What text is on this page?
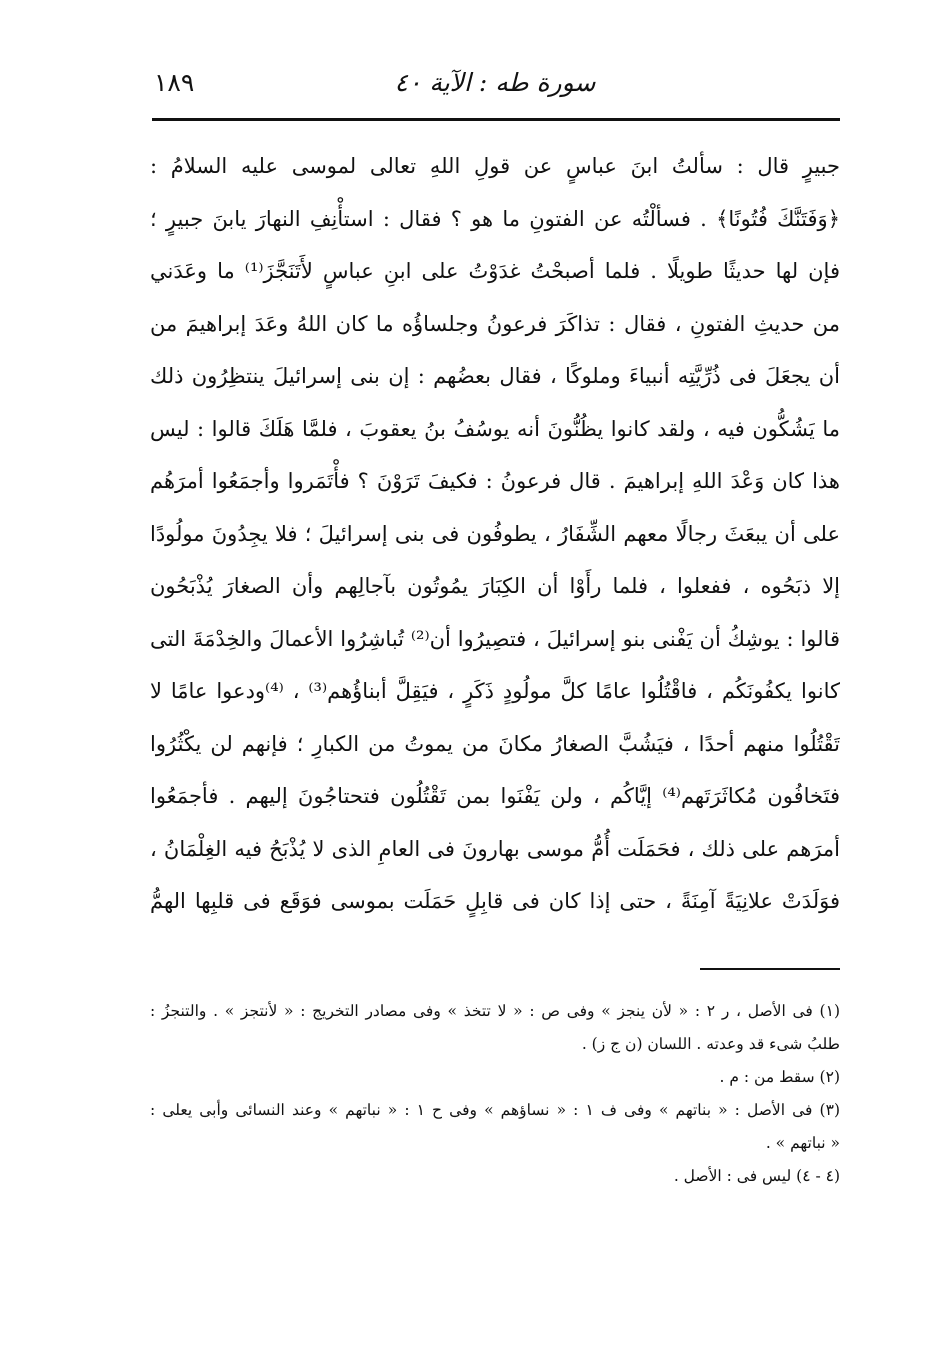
١٨٩	سورة طه : الآية ٤٠
جبيرٍ قال : سألتُ ابنَ عباسٍ عن قولِ اللهِ تعالى لموسى عليه السلامُ :
﴿وَفَتَنَّكَ فُتُونًا﴾ . فسألْتُه عن الفتونِ ما هو ؟ فقال : استأْنِفِ النهارَ يابنَ جبيرٍ ؛
فإن لها حديثًا طويلًا . فلما أصبحْتُ غدَوْتُ على ابنِ عباسٍ لأَتَنَجَّزَ⁽¹⁾ ما وعَدَني
من حديثِ الفتونِ ، فقال : تذاكَرَ فرعونُ وجلساؤُه ما كان اللهُ وعَدَ إبراهيمَ من
أن يجعَلَ فى ذُرِّيَّتِه أنبياءَ وملوكًا ، فقال بعضُهم : إن بنى إسرائيلَ ينتظِرُون ذلك
ما يَشُكُّون فيه ، ولقد كانوا يظُنُّونَ أنه يوسُفُ بنُ يعقوبَ ، فلمَّا هَلَكَ قالوا : ليس
هذا كان وَعْدَ اللهِ إبراهيمَ . قال فرعونُ : فكيفَ تَرَوْنَ ؟ فأْتَمَروا وأجمَعُوا أمرَهُم
على أن يبعَثَ رجالًا معهم الشِّفَارُ ، يطوفُون فى بنى إسرائيلَ ؛ فلا يجِدُونَ مولُودًا
إلا ذبَحُوه ، ففعلوا ، فلما رأَوْا أن الكِبَارَ يمُوتُون بآجالِهم وأن الصغارَ يُذْبَحُون
قالوا : يوشِكُ أن يَفْنى بنو إسرائيلَ ، فتصِيرُوا أن⁽²⁾ تُباشِرُوا الأعمالَ والخِدْمَةَ التى
كانوا يكفُونَكُم ، فاقْتُلُوا عامًا كلَّ مولُودٍ ذَكَرٍ ، فيَقِلَّ أبناؤُهم⁽³⁾ ، ⁽⁴⁾ودعوا عامًا لا
تَقْتُلُوا منهم أحدًا ، فيَشُبَّ الصغارُ مكانَ من يموتُ من الكبارِ ؛ فإنهم لن يكْثُرُوا
فتَخافُون مُكاثَرَتَهم⁽⁴⁾ إيَّاكُم ، ولن يَفْنَوا بمن تَقْتُلُون فتحتاجُونَ إليهم . فأجمَعُوا
أمرَهم على ذلك ، فحَمَلَت أُمُّ موسى بهارونَ فى العامِ الذى لا يُذْبَحُ فيه الغِلْمَانُ ،
فوَلَدَتْ علانِيَةً آمِنَةً ، حتى إذا كان فى قابِلٍ حَمَلَت بموسى فوَقَع فى قلبِها الهمُّ
(١) فى الأصل ، ر ٢ : « لأن ينجز » وفى ص : « لا تتخذ » وفى مصادر التخريج : « لأنتجز » . والتنجزُ :
طلبُ شىء قد وعدته . اللسان (ن ج ز) .
(٢) سقط من : م .
(٣) فى الأصل : « بناتهم » وفى ف ١ : « نساؤهم » وفى ح ١ : « نباتهم » وعند النسائى وأبى يعلى :
« نباتهم » .
(٤ - ٤) ليس فى : الأصل .
